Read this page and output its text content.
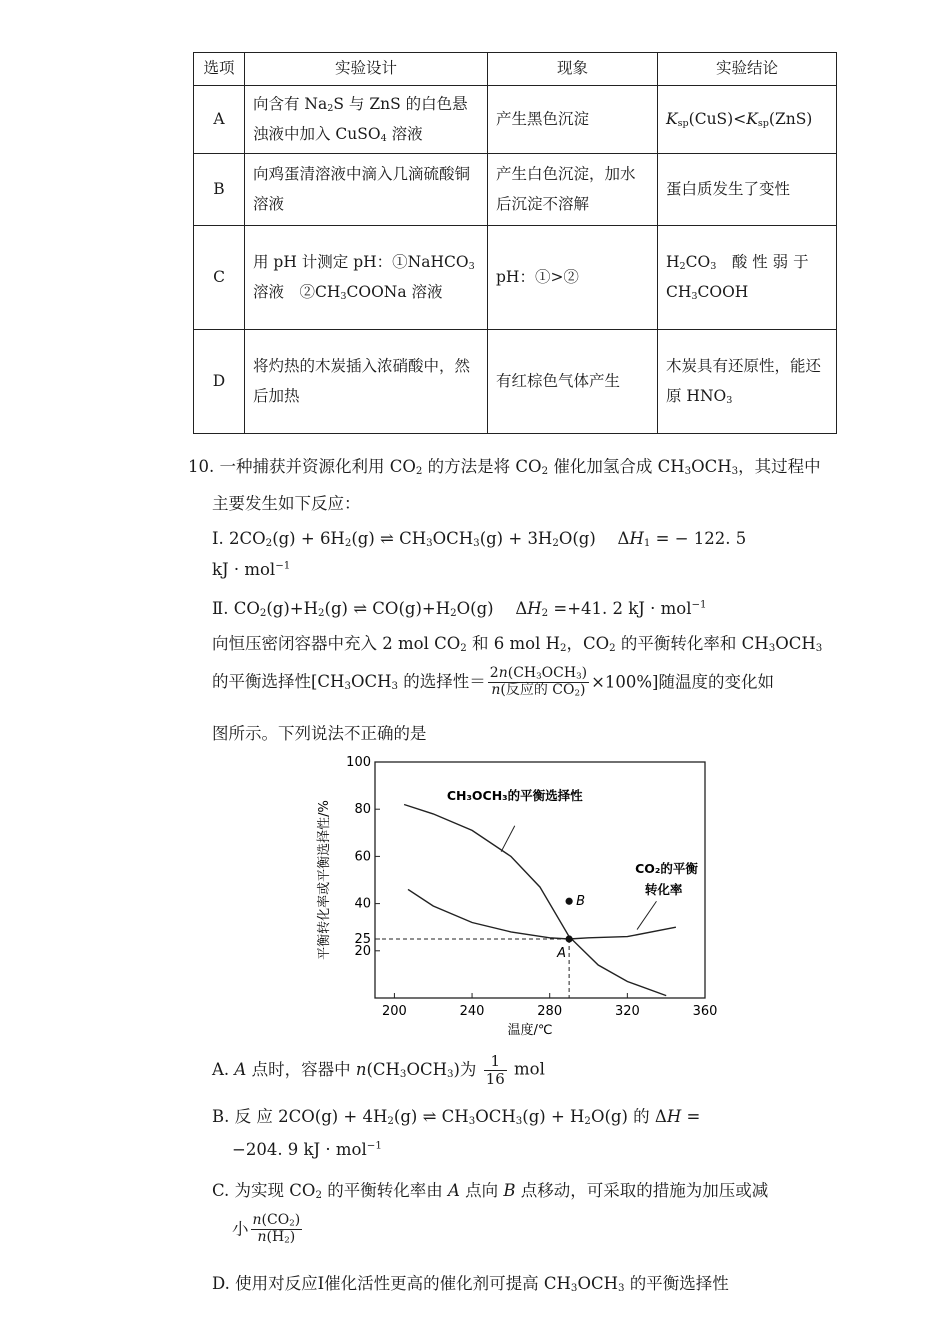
选项	实验设计	现象	实验结论
A	向含有 $Na_2S$ 与 ZnS 的白色悬浊液中加入 CuSO$_4$ 溶液	产生黑色沉淀	$K_{sp}(CuS)<K_{sp}(ZnS)$
B	向鸡蛋清溶液中滴入几滴硫酸铜溶液	产生白色沉淀，加水后沉淀不溶解	蛋白质发生了变性
C	用 pH 计测定 pH：①NaHCO$_3$ 溶液　$②CH_3COONa$ 溶液	pH：①>②	$H_2CO_3$　酸 性 弱 于 $CH_3COOH$
D	将灼热的木炭插入浓硝酸中，然后加热	有红棕色气体产生	木炭具有还原性，能还原 $HNO_3$
10. 一种捕获并资源化利用 $CO_2$ 的方法是将 $CO_2$ 催化加氢合成 $CH_3OCH_3$，其过程中
主要发生如下反应：
Ⅰ. $2CO_2(g) + 6H_2(g)$ ⇌ $CH_3OCH_3(g) + 3H_2O(g)$　 $\Delta H_1$ = − 122. 5
kJ · mol$^{-1}$
Ⅱ. $CO_2(g)+H_2(g)$ ⇌ $CO(g)+H_2O(g)$　 $\Delta H_2 =+41$. 2 kJ · mol$^{-1}$
向恒压密闭容器中充入 2 mol $CO_2$ 和 6 mol $H_2$，$CO_2$ 的平衡转化率和 $CH_3OCH_3$
的平衡选择性[$CH_3OCH_3$ 的选择性＝ $\frac{2n(CH_3OCH_3)}{n(反应的 CO_2)} \times 100\%$]随温度的变化如
图所示。下列说法不正确的是
200	240	280	320	360
20
25
40
60
80
100
温度/℃
平衡转化率或平衡选择性/%
CH₃OCH₃的平衡选择性
CO₂的平衡
转化率
A
B
A. A 点时，容器中 $n(CH_3OCH_3)$为 $\frac{1}{16}$ mol
B. 反 应 $2CO(g) + 4H_2(g)$ ⇌ $CH_3OCH_3(g) + H_2O(g)$ 的 ΔH =
−204. 9 kJ · mol$^{-1}$
C. 为实现 $CO_2$ 的平衡转化率由 A 点向 B 点移动，可采取的措施为加压或减
小 $\frac{n(CO_2)}{n(H_2)}$
D. 使用对反应Ⅰ催化活性更高的催化剂可提高 $CH_3OCH_3$ 的平衡选择性
